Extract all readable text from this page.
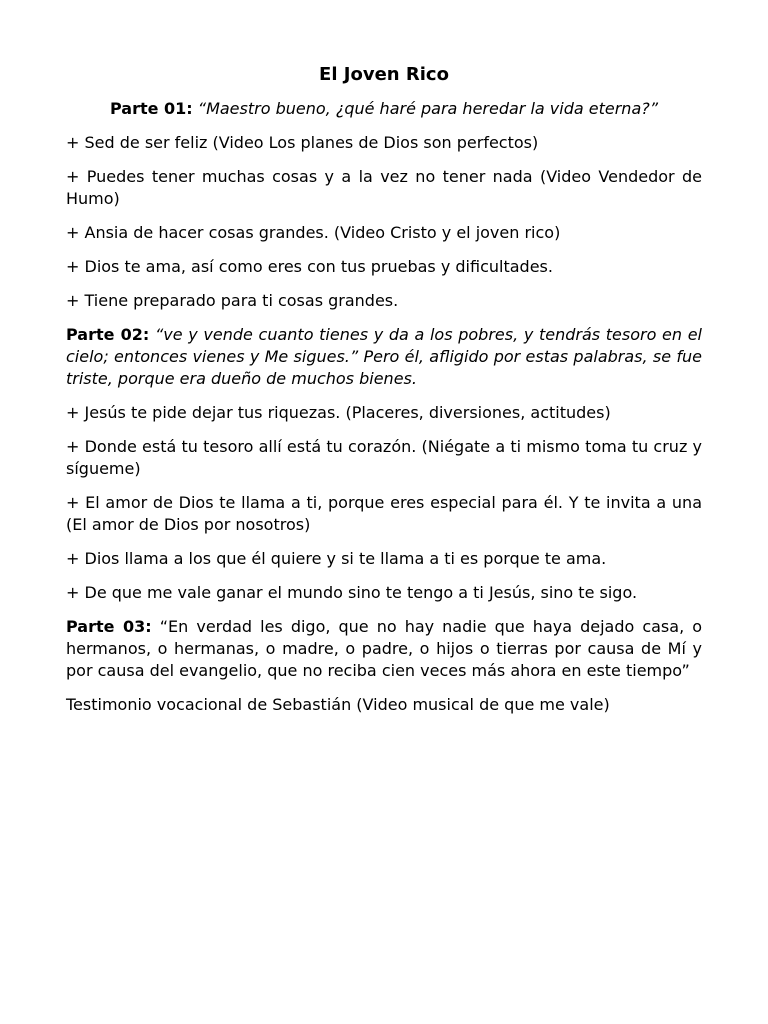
El Joven Rico

Parte 01: “Maestro bueno, ¿qué haré para heredar la vida eterna?”

+ Sed de ser feliz (Video Los planes de Dios son perfectos)

+ Puedes tener muchas cosas y a la vez no tener nada (Video Vendedor de Humo)

+ Ansia de hacer cosas grandes. (Video Cristo y el joven rico)

+ Dios te ama, así como eres con tus pruebas y dificultades.

+ Tiene preparado para ti cosas grandes.

Parte 02: “ve y vende cuanto tienes y da a los pobres, y tendrás tesoro en el cielo; entonces vienes y Me sigues.” Pero él, afligido por estas palabras, se fue triste, porque era dueño de muchos bienes.

+ Jesús te pide dejar tus riquezas. (Placeres, diversiones, actitudes)

+ Donde está tu tesoro allí está tu corazón. (Niégate a ti mismo toma tu cruz y sígueme)

+ El amor de Dios te llama a ti, porque eres especial para él. Y te invita a una (El amor de Dios por nosotros)

+ Dios llama a los que él quiere y si te llama a ti es porque te ama.

+ De que me vale ganar el mundo sino te tengo a ti Jesús, sino te sigo.

Parte 03: “En verdad les digo, que no hay nadie que haya dejado casa, o hermanos, o hermanas, o madre, o padre, o hijos o tierras por causa de Mí y por causa del evangelio, que no reciba cien veces más ahora en este tiempo”

Testimonio vocacional de Sebastián (Video musical de que me vale)
